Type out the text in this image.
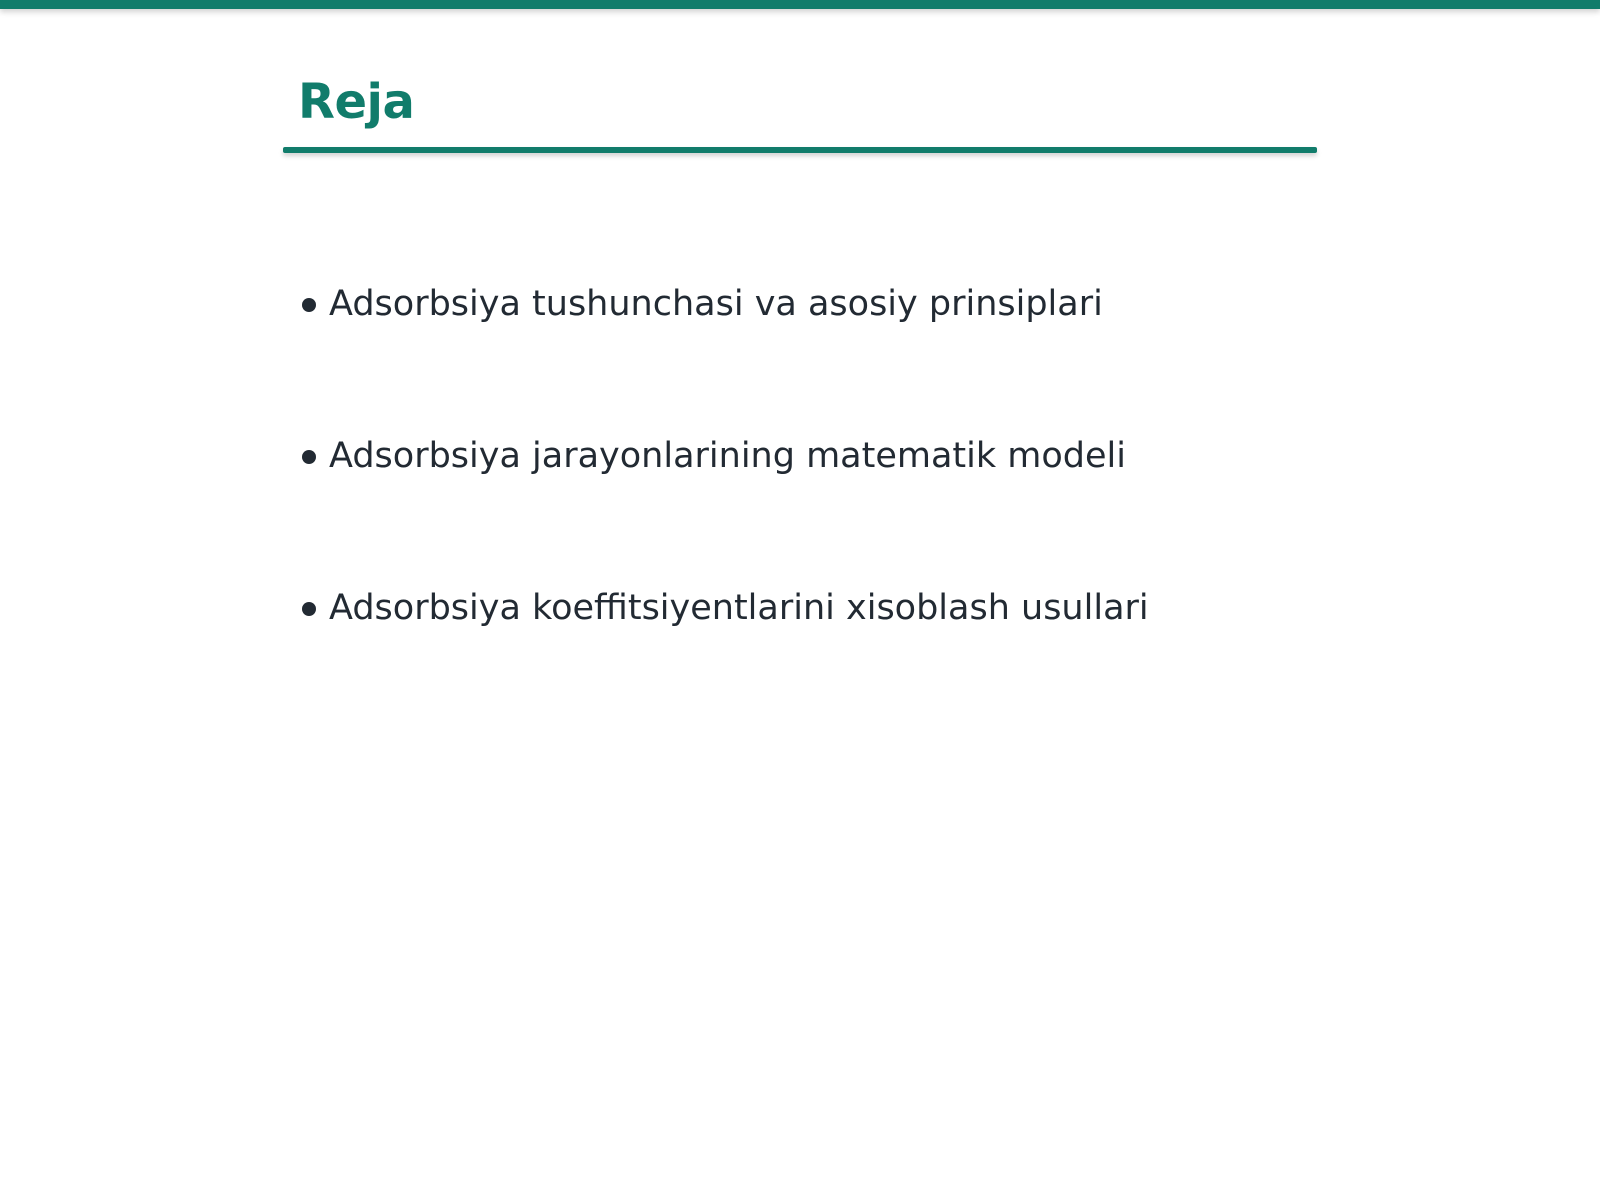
Reja
Adsorbsiya tushunchasi va asosiy prinsiplari
Adsorbsiya jarayonlarining matematik modeli
Adsorbsiya koeffitsiyentlarini xisoblash usullari
